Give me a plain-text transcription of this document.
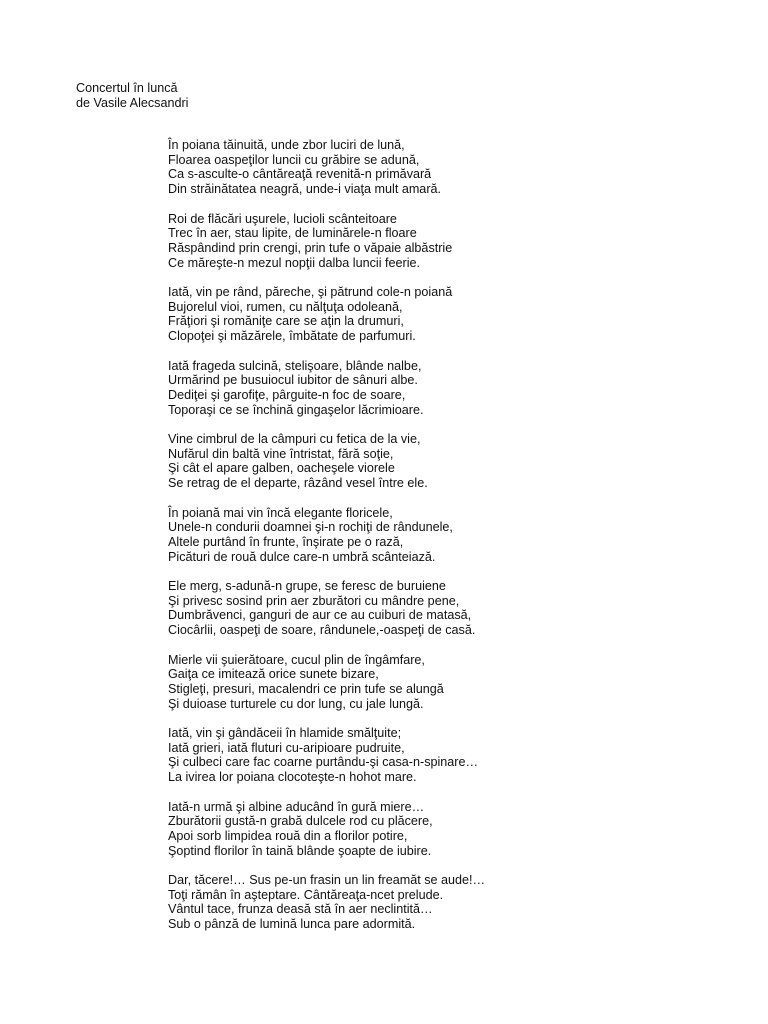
Concertul în luncă
de Vasile Alecsandri
În poiana tăinuită, unde zbor luciri de lună,
Floarea oaspeţilor luncii cu grăbire se adună,
Ca s-asculte-o cântăreaţă revenită-n primăvară
Din străinătatea neagră, unde-i viaţa mult amară.
Roi de flăcări uşurele, lucioli scânteitoare
Trec în aer, stau lipite, de luminărele-n floare
Răspândind prin crengi, prin tufe o văpaie albăstrie
Ce măreşte-n mezul nopţii dalba luncii feerie.
Iată, vin pe rând, păreche, şi pătrund cole-n poiană
Bujorelul vioi, rumen, cu nălţuţa odoleană,
Frăţiori şi romăniţe care se aţin la drumuri,
Clopoţei şi măzărele, îmbătate de parfumuri.
Iată frageda sulcină, stelişoare, blânde nalbe,
Urmărind pe busuiocul iubitor de sânuri albe.
Dediţei şi garofiţe, pârguite-n foc de soare,
Toporaşi ce se închină gingaşelor lăcrimioare.
Vine cimbrul de la câmpuri cu fetica de la vie,
Nufărul din baltă vine întristat, fără soţie,
Şi cât el apare galben, oacheşele viorele
Se retrag de el departe, râzând vesel între ele.
În poiană mai vin încă elegante floricele,
Unele-n condurii doamnei şi-n rochiţi de rândunele,
Altele purtând în frunte, înşirate pe o rază,
Picături de rouă dulce care-n umbră scânteiază.
Ele merg, s-adună-n grupe, se feresc de buruiene
Şi privesc sosind prin aer zburători cu mândre pene,
Dumbrăvenci, ganguri de aur ce au cuiburi de matasă,
Ciocârlii, oaspeţi de soare, rândunele,-oaspeţi de casă.
Mierle vii şuierătoare, cucul plin de îngâmfare,
Gaiţa ce imitează orice sunete bizare,
Stigleţi, presuri, macalendri ce prin tufe se alungă
Şi duioase turturele cu dor lung, cu jale lungă.
Iată, vin şi gândăceii în hlamide smălţuite;
Iată grieri, iată fluturi cu-aripioare pudruite,
Şi culbeci care fac coarne purtându-şi casa-n-spinare…
La ivirea lor poiana clocoteşte-n hohot mare.
Iată-n urmă şi albine aducând în gură miere…
Zburătorii gustă-n grabă dulcele rod cu plăcere,
Apoi sorb limpidea rouă din a florilor potire,
Şoptind florilor în taină blânde şoapte de iubire.
Dar, tăcere!… Sus pe-un frasin un lin freamăt se aude!…
Toţi rămân în aşteptare. Cântăreaţa-ncet prelude.
Vântul tace, frunza deasă stă în aer neclintită…
Sub o pânză de lumină lunca pare adormită.
